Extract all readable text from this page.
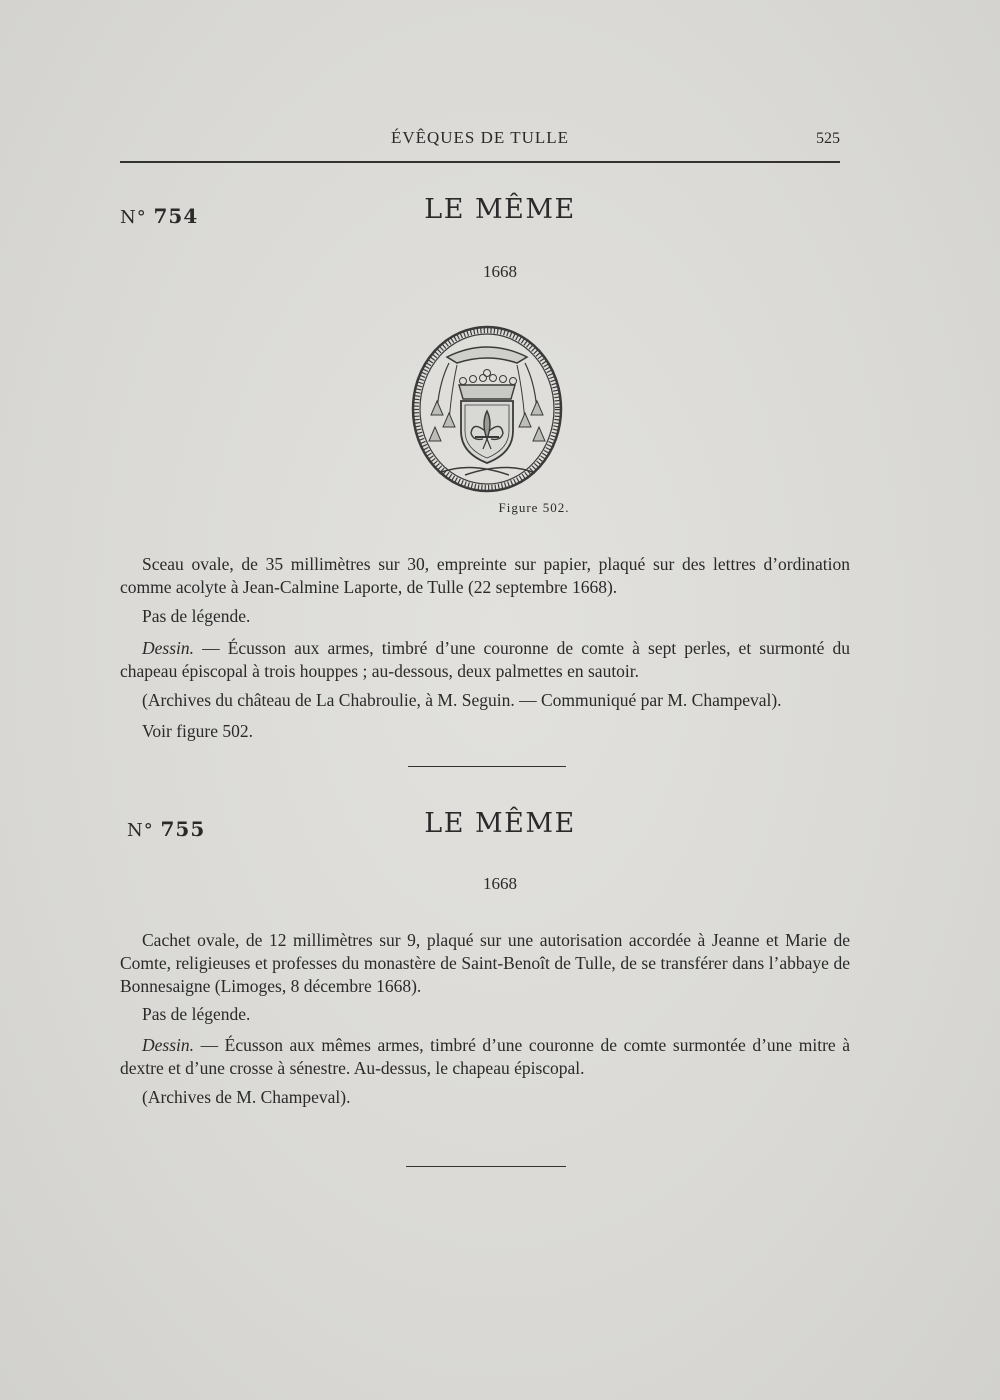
ÉVÊQUES DE TULLE	525
N° 754	LE MÊME
1668
Figure 502.
Sceau ovale, de 35 millimètres sur 30, empreinte sur papier, plaqué sur des lettres d’ordination comme acolyte à Jean-Calmine Laporte, de Tulle (22 septembre 1668).
Pas de légende.
Dessin. — Écusson aux armes, timbré d’une couronne de comte à sept perles, et surmonté du chapeau épiscopal à trois houppes ; au-dessous, deux palmettes en sautoir.
(Archives du château de La Chabroulie, à M. Seguin. — Communiqué par M. Champeval).
Voir figure 502.
N° 755	LE MÊME
1668
Cachet ovale, de 12 millimètres sur 9, plaqué sur une autorisation accordée à Jeanne et Marie de Comte, religieuses et professes du monastère de Saint-Benoît de Tulle, de se transférer dans l’abbaye de Bonnesaigne (Limoges, 8 décembre 1668).
Pas de légende.
Dessin. — Écusson aux mêmes armes, timbré d’une couronne de comte surmontée d’une mitre à dextre et d’une crosse à sénestre. Au-dessus, le chapeau épiscopal.
(Archives de M. Champeval).
